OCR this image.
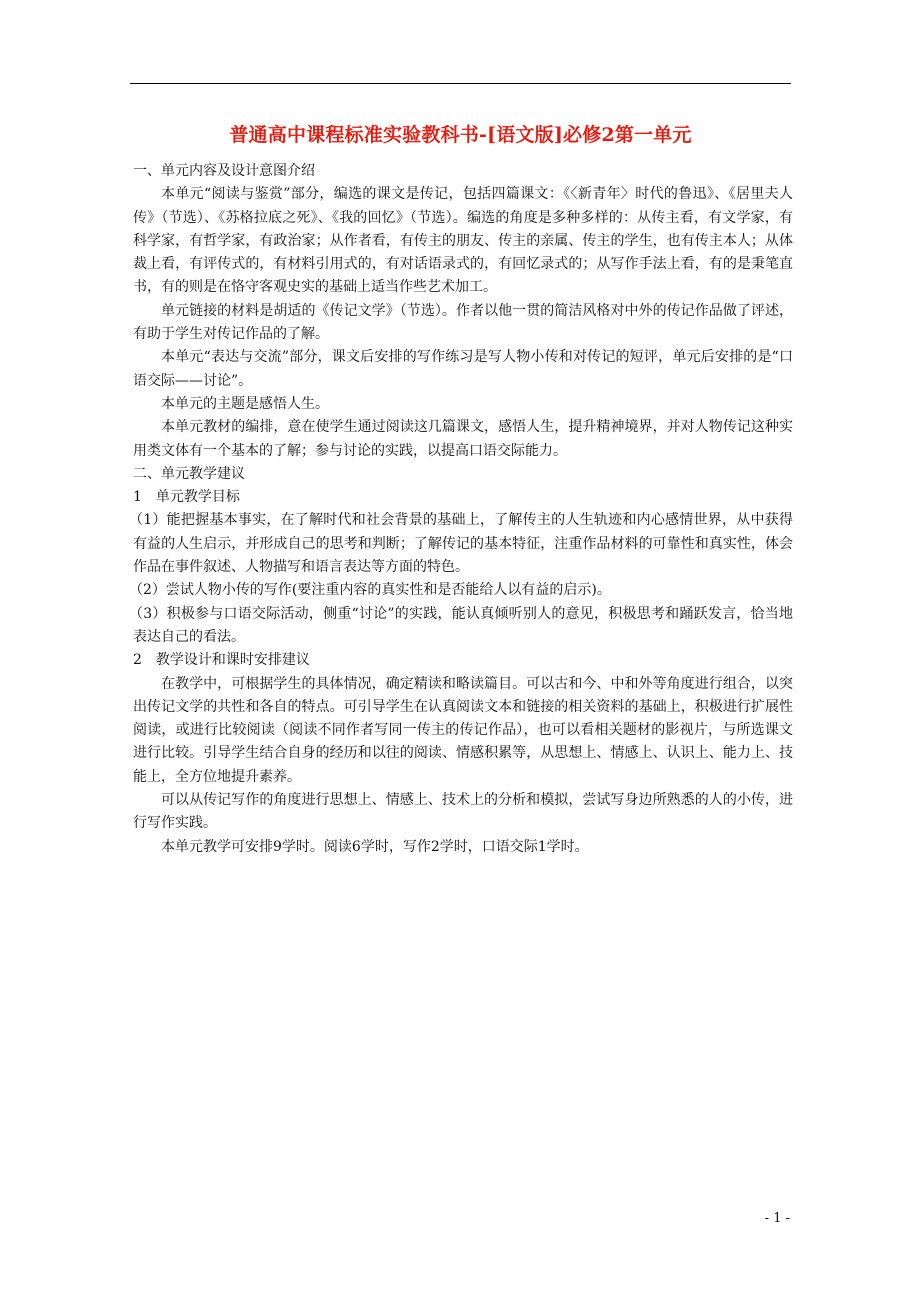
普通高中课程标准实验教科书-[语文版]必修2第一单元

一、单元内容及设计意图介绍

本单元“阅读与鉴赏”部分，编选的课文是传记，包括四篇课文：《〈新青年〉时代的鲁迅》、《居里夫人传》（节选）、《苏格拉底之死》、《我的回忆》（节选）。编选的角度是多种多样的：从传主看，有文学家，有科学家，有哲学家，有政治家；从作者看，有传主的朋友、传主的亲属、传主的学生，也有传主本人；从体裁上看，有评传式的，有材料引用式的，有对话语录式的，有回忆录式的；从写作手法上看，有的是秉笔直书，有的则是在恪守客观史实的基础上适当作些艺术加工。

单元链接的材料是胡适的《传记文学》（节选）。作者以他一贯的简洁风格对中外的传记作品做了评述，有助于学生对传记作品的了解。

本单元“表达与交流”部分，课文后安排的写作练习是写人物小传和对传记的短评，单元后安排的是“口语交际——讨论”。

本单元的主题是感悟人生。

本单元教材的编排，意在使学生通过阅读这几篇课文，感悟人生，提升精神境界，并对人物传记这种实用类文体有一个基本的了解；参与讨论的实践，以提高口语交际能力。

二、单元教学建议

1　单元教学目标

（1）能把握基本事实，在了解时代和社会背景的基础上，了解传主的人生轨迹和内心感情世界，从中获得有益的人生启示，并形成自己的思考和判断；了解传记的基本特征，注重作品材料的可靠性和真实性，体会作品在事件叙述、人物描写和语言表达等方面的特色。

（2）尝试人物小传的写作(要注重内容的真实性和是否能给人以有益的启示)。

（3）积极参与口语交际活动，侧重“讨论”的实践，能认真倾听别人的意见，积极思考和踊跃发言，恰当地表达自己的看法。

2　教学设计和课时安排建议

在教学中，可根据学生的具体情况，确定精读和略读篇目。可以古和今、中和外等角度进行组合，以突出传记文学的共性和各自的特点。可引导学生在认真阅读文本和链接的相关资料的基础上，积极进行扩展性阅读，或进行比较阅读（阅读不同作者写同一传主的传记作品），也可以看相关题材的影视片，与所选课文进行比较。引导学生结合自身的经历和以往的阅读、情感积累等，从思想上、情感上、认识上、能力上、技能上，全方位地提升素养。

可以从传记写作的角度进行思想上、情感上、技术上的分析和模拟，尝试写身边所熟悉的人的小传，进行写作实践。

本单元教学可安排9学时。阅读6学时，写作2学时，口语交际1学时。

- 1 -
